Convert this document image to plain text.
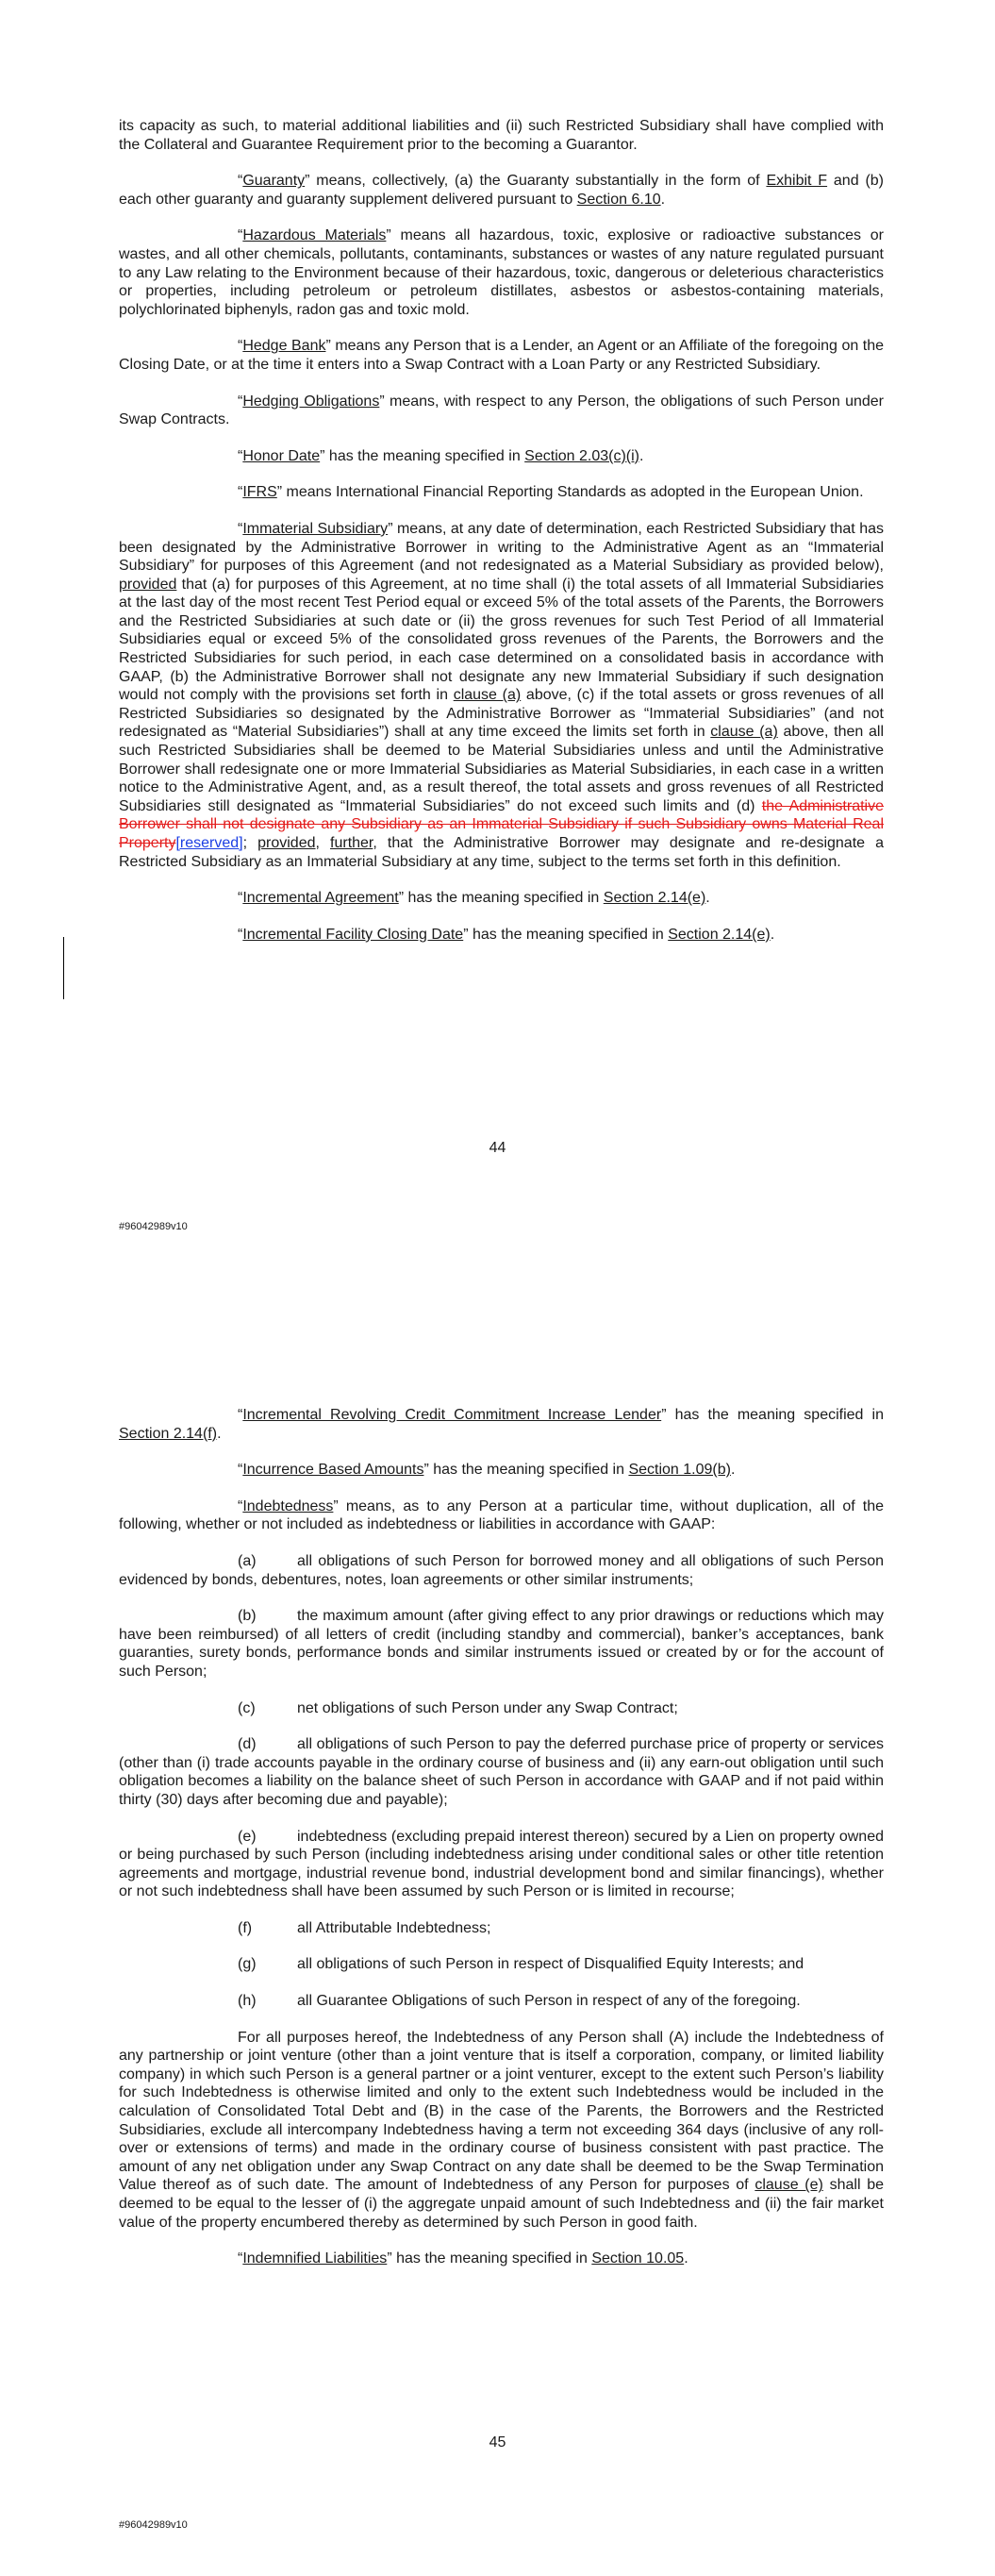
its capacity as such, to material additional liabilities and (ii) such Restricted Subsidiary shall have complied with the Collateral and Guarantee Requirement prior to the becoming a Guarantor.

“Guaranty” means, collectively, (a) the Guaranty substantially in the form of Exhibit F and (b) each other guaranty and guaranty supplement delivered pursuant to Section 6.10.

“Hazardous Materials” means all hazardous, toxic, explosive or radioactive substances or wastes, and all other chemicals, pollutants, contaminants, substances or wastes of any nature regulated pursuant to any Law relating to the Environment because of their hazardous, toxic, dangerous or deleterious characteristics or properties, including petroleum or petroleum distillates, asbestos or asbestos-containing materials, polychlorinated biphenyls, radon gas and toxic mold.

“Hedge Bank” means any Person that is a Lender, an Agent or an Affiliate of the foregoing on the Closing Date, or at the time it enters into a Swap Contract with a Loan Party or any Restricted Subsidiary.

“Hedging Obligations” means, with respect to any Person, the obligations of such Person under Swap Contracts.

“Honor Date” has the meaning specified in Section 2.03(c)(i).

“IFRS” means International Financial Reporting Standards as adopted in the European Union.

“Immaterial Subsidiary” means, at any date of determination, each Restricted Subsidiary that has been designated by the Administrative Borrower in writing to the Administrative Agent as an “Immaterial Subsidiary” for purposes of this Agreement (and not redesignated as a Material Subsidiary as provided below), provided that (a) for purposes of this Agreement, at no time shall (i) the total assets of all Immaterial Subsidiaries at the last day of the most recent Test Period equal or exceed 5% of the total assets of the Parents, the Borrowers and the Restricted Subsidiaries at such date or (ii) the gross revenues for such Test Period of all Immaterial Subsidiaries equal or exceed 5% of the consolidated gross revenues of the Parents, the Borrowers and the Restricted Subsidiaries for such period, in each case determined on a consolidated basis in accordance with GAAP, (b) the Administrative Borrower shall not designate any new Immaterial Subsidiary if such designation would not comply with the provisions set forth in clause (a) above, (c) if the total assets or gross revenues of all Restricted Subsidiaries so designated by the Administrative Borrower as “Immaterial Subsidiaries” (and not redesignated as “Material Subsidiaries”) shall at any time exceed the limits set forth in clause (a) above, then all such Restricted Subsidiaries shall be deemed to be Material Subsidiaries unless and until the Administrative Borrower shall redesignate one or more Immaterial Subsidiaries as Material Subsidiaries, in each case in a written notice to the Administrative Agent, and, as a result thereof, the total assets and gross revenues of all Restricted Subsidiaries still designated as “Immaterial Subsidiaries” do not exceed such limits and (d) the Administrative Borrower shall not designate any Subsidiary as an Immaterial Subsidiary if such Subsidiary owns Material Real Property[reserved]; provided, further, that the Administrative Borrower may designate and re-designate a Restricted Subsidiary as an Immaterial Subsidiary at any time, subject to the terms set forth in this definition.

“Incremental Agreement” has the meaning specified in Section 2.14(e).

“Incremental Facility Closing Date” has the meaning specified in Section 2.14(e).

44
#96042989v10

“Incremental Revolving Credit Commitment Increase Lender” has the meaning specified in Section 2.14(f).

“Incurrence Based Amounts” has the meaning specified in Section 1.09(b).

“Indebtedness” means, as to any Person at a particular time, without duplication, all of the following, whether or not included as indebtedness or liabilities in accordance with GAAP:

(a)	all obligations of such Person for borrowed money and all obligations of such Person evidenced by bonds, debentures, notes, loan agreements or other similar instruments;

(b)	the maximum amount (after giving effect to any prior drawings or reductions which may have been reimbursed) of all letters of credit (including standby and commercial), banker’s acceptances, bank guaranties, surety bonds, performance bonds and similar instruments issued or created by or for the account of such Person;

(c)	net obligations of such Person under any Swap Contract;

(d)	all obligations of such Person to pay the deferred purchase price of property or services (other than (i) trade accounts payable in the ordinary course of business and (ii) any earn-out obligation until such obligation becomes a liability on the balance sheet of such Person in accordance with GAAP and if not paid within thirty (30) days after becoming due and payable);

(e)	indebtedness (excluding prepaid interest thereon) secured by a Lien on property owned or being purchased by such Person (including indebtedness arising under conditional sales or other title retention agreements and mortgage, industrial revenue bond, industrial development bond and similar financings), whether or not such indebtedness shall have been assumed by such Person or is limited in recourse;

(f)	all Attributable Indebtedness;
(g)	all obligations of such Person in respect of Disqualified Equity Interests; and
(h)	all Guarantee Obligations of such Person in respect of any of the foregoing.

For all purposes hereof, the Indebtedness of any Person shall (A) include the Indebtedness of any partnership or joint venture (other than a joint venture that is itself a corporation, company, or limited liability company) in which such Person is a general partner or a joint venturer, except to the extent such Person’s liability for such Indebtedness is otherwise limited and only to the extent such Indebtedness would be included in the calculation of Consolidated Total Debt and (B) in the case of the Parents, the Borrowers and the Restricted Subsidiaries, exclude all intercompany Indebtedness having a term not exceeding 364 days (inclusive of any roll-over or extensions of terms) and made in the ordinary course of business consistent with past practice. The amount of any net obligation under any Swap Contract on any date shall be deemed to be the Swap Termination Value thereof as of such date. The amount of Indebtedness of any Person for purposes of clause (e) shall be deemed to be equal to the lesser of (i) the aggregate unpaid amount of such Indebtedness and (ii) the fair market value of the property encumbered thereby as determined by such Person in good faith.

“Indemnified Liabilities” has the meaning specified in Section 10.05.

45
#96042989v10
